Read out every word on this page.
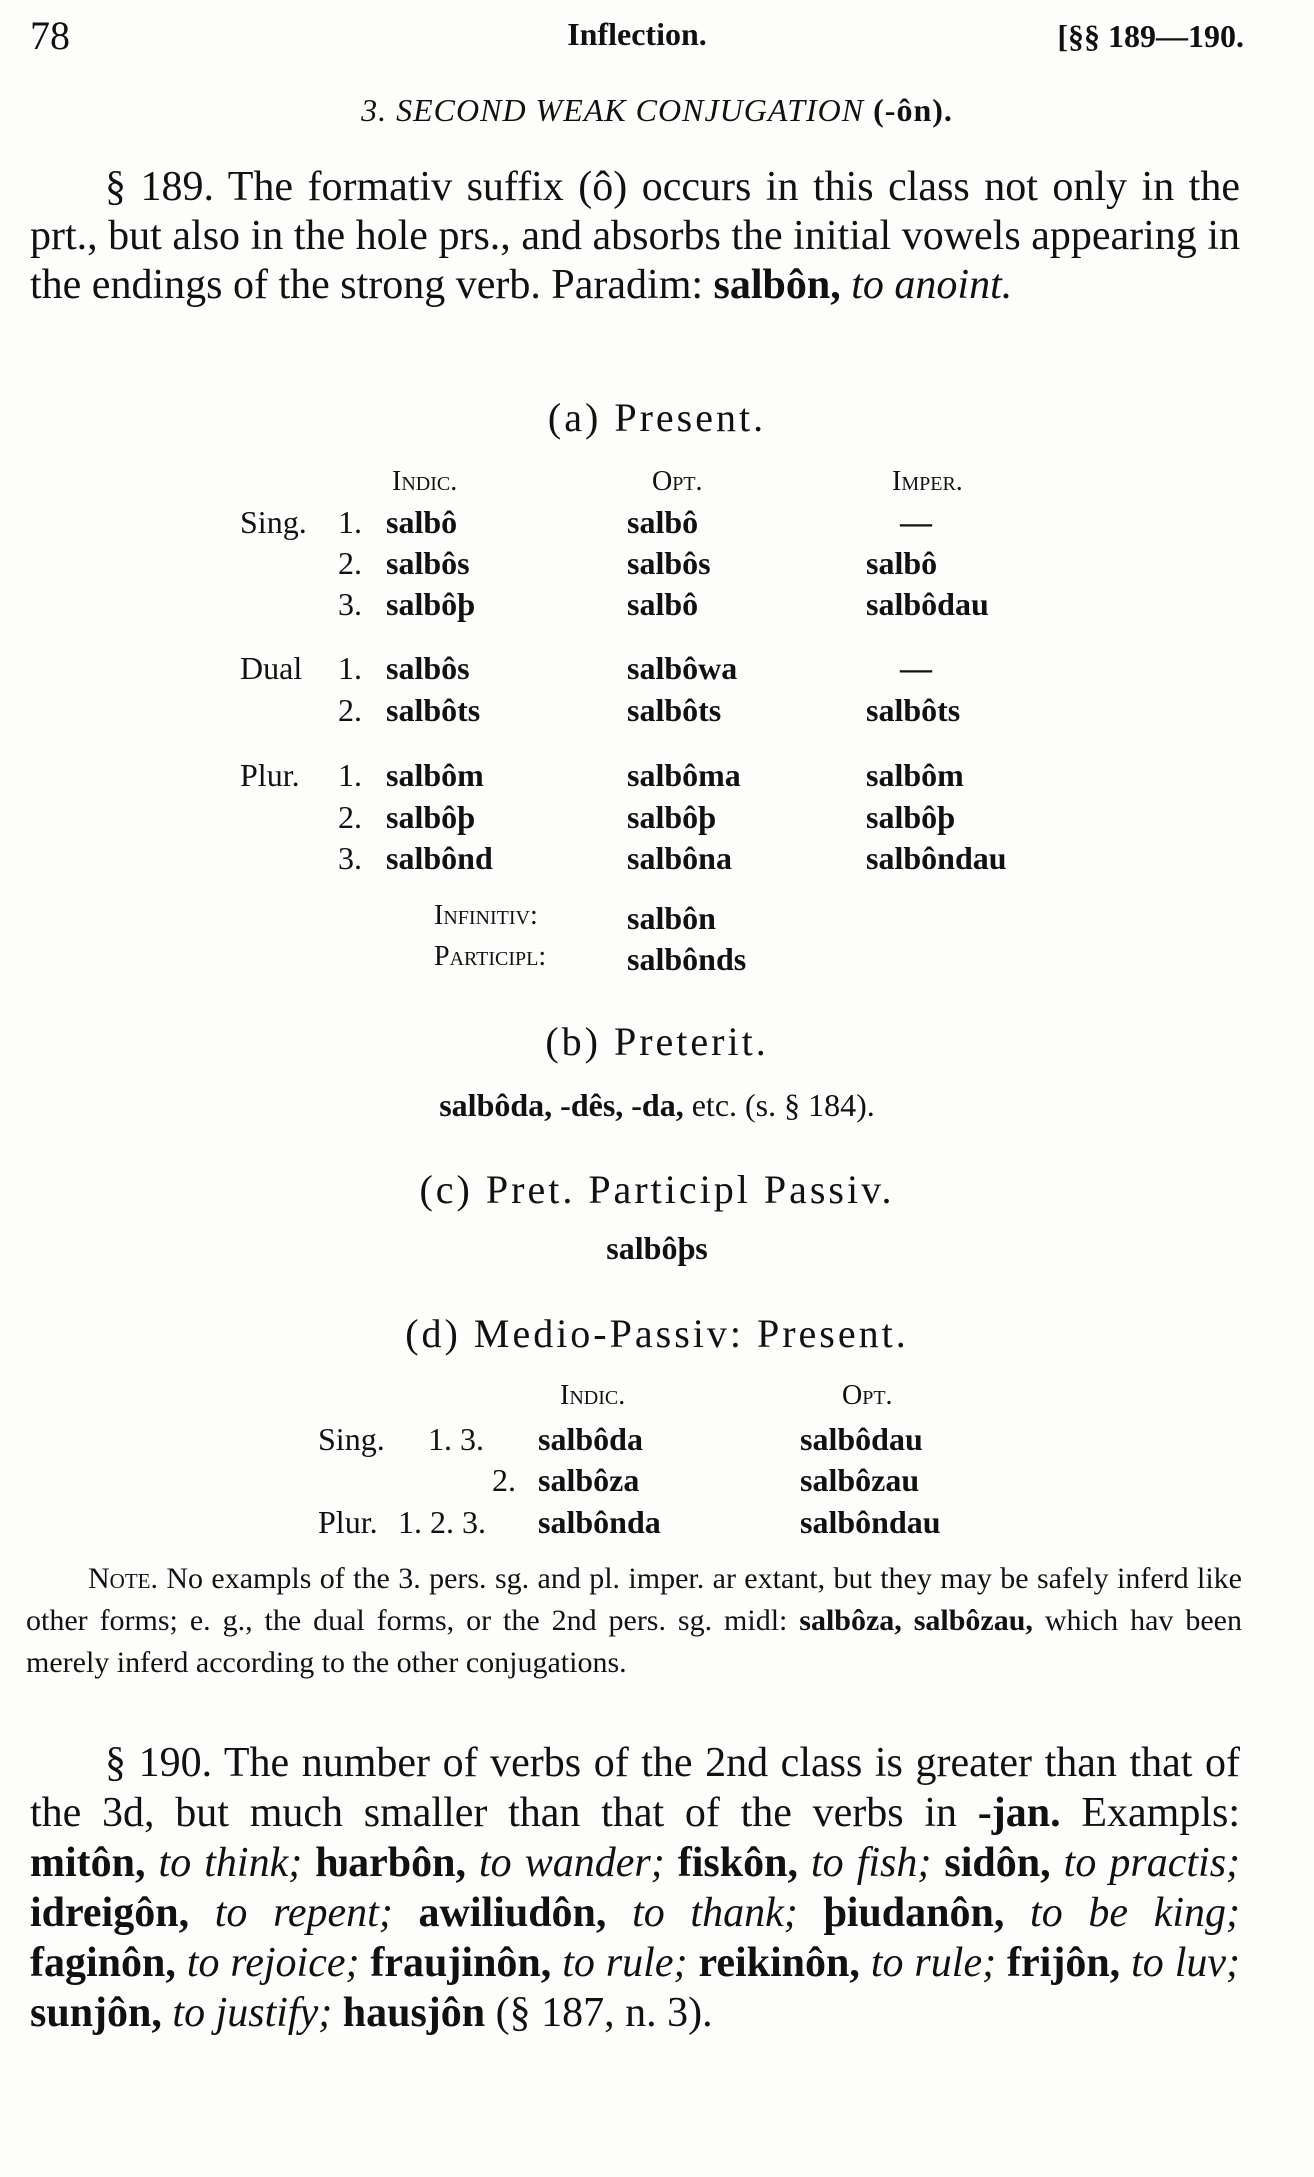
78	Inflection.	[§§ 189—190.
3. SECOND WEAK CONJUGATION (-ôn).
§ 189. The formativ suffix (ô) occurs in this class not only in the prt., but also in the hole prs., and absorbs the initial vowels appearing in the endings of the strong verb. Paradim: salbôn, to anoint.
(a) Present.
Indic.	Opt.	Imper.
Sing. 1. salbô	salbô	—
2. salbôs	salbôs	salbô
3. salbôþ	salbô	salbôdau
Dual 1. salbôs	salbôwa	—
2. salbôts	salbôts	salbôts
Plur. 1. salbôm	salbôma	salbôm
2. salbôþ	salbôþ	salbôþ
3. salbônd	salbôna	salbôndau
Infinitiv:	salbôn
Participl:	salbônds
(b) Preterit.
salbôda, -dês, -da, etc. (s. § 184).
(c) Pret. Participl Passiv.
salbôþs
(d) Medio-Passiv: Present.
Indic.	Opt.
Sing. 1. 3. salbôda	salbôdau
2. salbôza	salbôzau
Plur. 1. 2. 3. salbônda	salbôndau
Note. No exampls of the 3. pers. sg. and pl. imper. ar extant, but they may be safely inferd like other forms; e. g., the dual forms, or the 2nd pers. sg. midl: salbôza, salbôzau, which hav been merely inferd according to the other conjugations.
§ 190. The number of verbs of the 2nd class is greater than that of the 3d, but much smaller than that of the verbs in -jan. Exampls: mitôn, to think; ƕarbôn, to wander; fiskôn, to fish; sidôn, to practis; idreigôn, to repent; awiliudôn, to thank; þiudanôn, to be king; faginôn, to rejoice; fraujinôn, to rule; reikinôn, to rule; frijôn, to luv; sunjôn, to justify; hausjôn (§ 187, n. 3).
